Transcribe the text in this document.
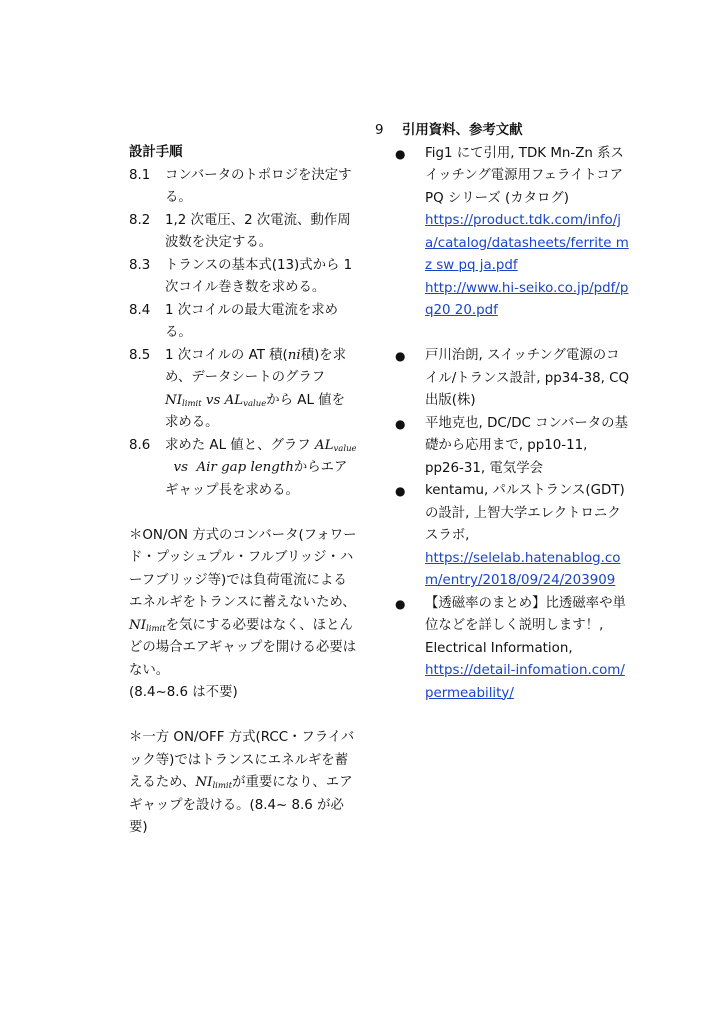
設計手順
8.1 コンバータのトポロジを決定する。
8.2 1,2 次電圧、2 次電流、動作周波数を決定する。
8.3 トランスの基本式(13)式から 1 次コイル巻き数を求める。
8.4 1 次コイルの最大電流を求める。
8.5 1 次コイルの AT 積(ni積)を求め、データシートのグラフ $NI_{limit}$ vs $AL_{value}$から AL 値を求める。
8.6 求めた AL 値と、グラフ $AL_{value}$  vs  Air gap lengthからエアギャップ長を求める。
＊ON/ON 方式のコンバータ(フォワード・プッシュプル・フルブリッジ・ハーフブリッジ等)では負荷電流によるエネルギをトランスに蓄えないため、$NI_{limit}$を気にする必要はなく、ほとんどの場合エアギャップを開ける必要はない。
(8.4~8.6 は不要)
＊一方 ON/OFF 方式(RCC・フライバック等)ではトランスにエネルギを蓄えるため、$NI_{limit}$が重要になり、エアギャップを設ける。(8.4~ 8.6 が必要)
9 引用資料、参考文献
● Fig1 にて引用, TDK Mn-Zn 系スイッチング電源用フェライトコア PQ シリーズ (カタログ)
https://product.tdk.com/info/ja/catalog/datasheets/ferrite mz sw pq ja.pdf
http://www.hi-seiko.co.jp/pdf/pq20 20.pdf
● 戸川治朗, スイッチング電源のコイル/トランス設計, pp34-38, CQ 出版(株)
● 平地克也, DC/DC コンバータの基礎から応用まで, pp10-11, pp26-31, 電気学会
● kentamu, パルストランス(GDT)の設計, 上智大学エレクトロニクスラボ,
https://selelab.hatenablog.com/entry/2018/09/24/203909
● 【透磁率のまとめ】比透磁率や単位などを詳しく説明します！, Electrical Information,
https://detail-infomation.com/permeability/
